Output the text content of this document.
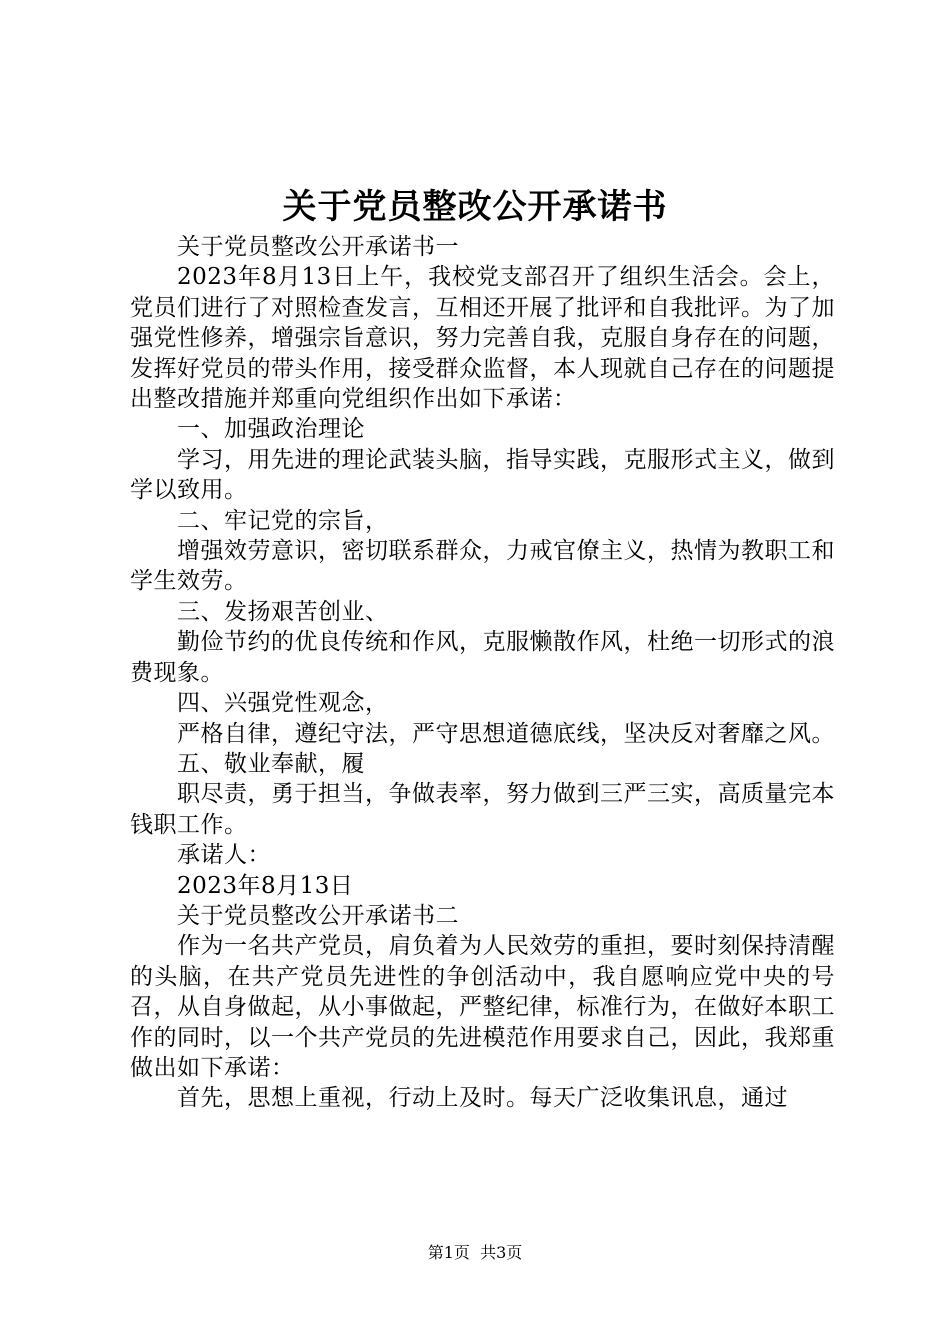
关于党员整改公开承诺书

关于党员整改公开承诺书一

2023年8月13日上午，我校党支部召开了组织生活会。会上，党员们进行了对照检查发言，互相还开展了批评和自我批评。为了加强党性修养，增强宗旨意识，努力完善自我，克服自身存在的问题，发挥好党员的带头作用，接受群众监督，本人现就自己存在的问题提出整改措施并郑重向党组织作出如下承诺：

一、加强政治理论

学习，用先进的理论武装头脑，指导实践，克服形式主义，做到学以致用。

二、牢记党的宗旨，

增强效劳意识，密切联系群众，力戒官僚主义，热情为教职工和学生效劳。

三、发扬艰苦创业、

勤俭节约的优良传统和作风，克服懒散作风，杜绝一切形式的浪费现象。

四、兴强党性观念，

严格自律，遵纪守法，严守思想道德底线，坚决反对奢靡之风。

五、敬业奉献，履

职尽责，勇于担当，争做表率，努力做到三严三实，高质量完本钱职工作。

承诺人：

2023年8月13日

关于党员整改公开承诺书二

作为一名共产党员，肩负着为人民效劳的重担，要时刻保持清醒的头脑，在共产党员先进性的争创活动中，我自愿响应党中央的号召，从自身做起，从小事做起，严整纪律，标准行为，在做好本职工作的同时，以一个共产党员的先进模范作用要求自己，因此，我郑重做出如下承诺：

首先，思想上重视，行动上及时。每天广泛收集讯息，通过

第1页  共3页
